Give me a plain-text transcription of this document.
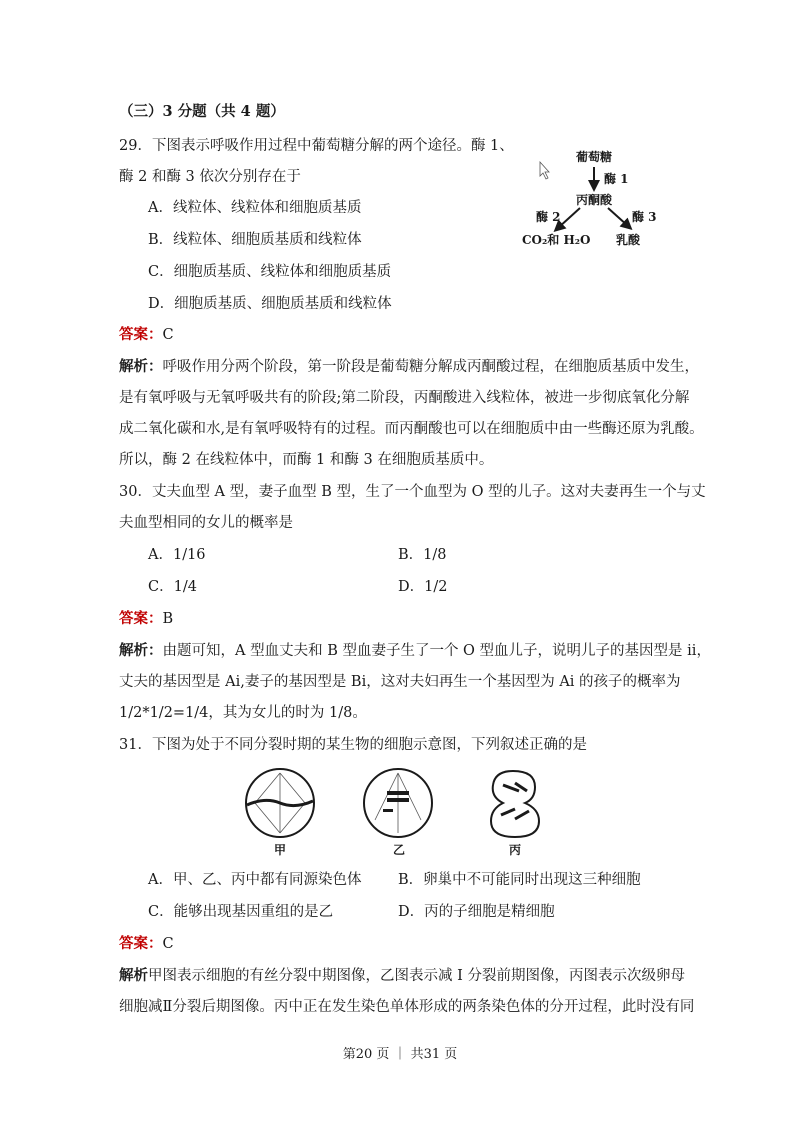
（三）3 分题（共 4 题）
29．下图表示呼吸作用过程中葡萄糖分解的两个途径。酶 1、
酶 2 和酶 3 依次分别存在于
A．线粒体、线粒体和细胞质基质
B．线粒体、细胞质基质和线粒体
C．细胞质基质、线粒体和细胞质基质
D．细胞质基质、细胞质基质和线粒体
葡萄糖
酶 1
丙酮酸
酶 2	酶 3
CO₂和 H₂O 乳酸
答案：C
解析：呼吸作用分两个阶段，第一阶段是葡萄糖分解成丙酮酸过程，在细胞质基质中发生，
是有氧呼吸与无氧呼吸共有的阶段;第二阶段，丙酮酸进入线粒体，被进一步彻底氧化分解
成二氧化碳和水,是有氧呼吸特有的过程。而丙酮酸也可以在细胞质中由一些酶还原为乳酸。
所以，酶 2 在线粒体中，而酶 1 和酶 3 在细胞质基质中。
30．丈夫血型 A 型，妻子血型 B 型，生了一个血型为 O 型的儿子。这对夫妻再生一个与丈
夫血型相同的女儿的概率是
A．1/16	B．1/8
C．1/4	D．1/2
答案：B
解析：由题可知，A 型血丈夫和 B 型血妻子生了一个 O 型血儿子，说明儿子的基因型是 ii，
丈夫的基因型是 Ai,妻子的基因型是 Bi，这对夫妇再生一个基因型为 Ai 的孩子的概率为
1/2*1/2=1/4，其为女儿的时为 1/8。
31．下图为处于不同分裂时期的某生物的细胞示意图，下列叙述正确的是
甲	乙	丙
A．甲、乙、丙中都有同源染色体	B．卵巢中不可能同时出现这三种细胞
C．能够出现基因重组的是乙	D．丙的子细胞是精细胞
答案：C
解析甲图表示细胞的有丝分裂中期图像，乙图表示减 I 分裂前期图像，丙图表示次级卵母
细胞减Ⅱ分裂后期图像。丙中正在发生染色单体形成的两条染色体的分开过程，此时没有同
第20 页 ｜ 共31 页
